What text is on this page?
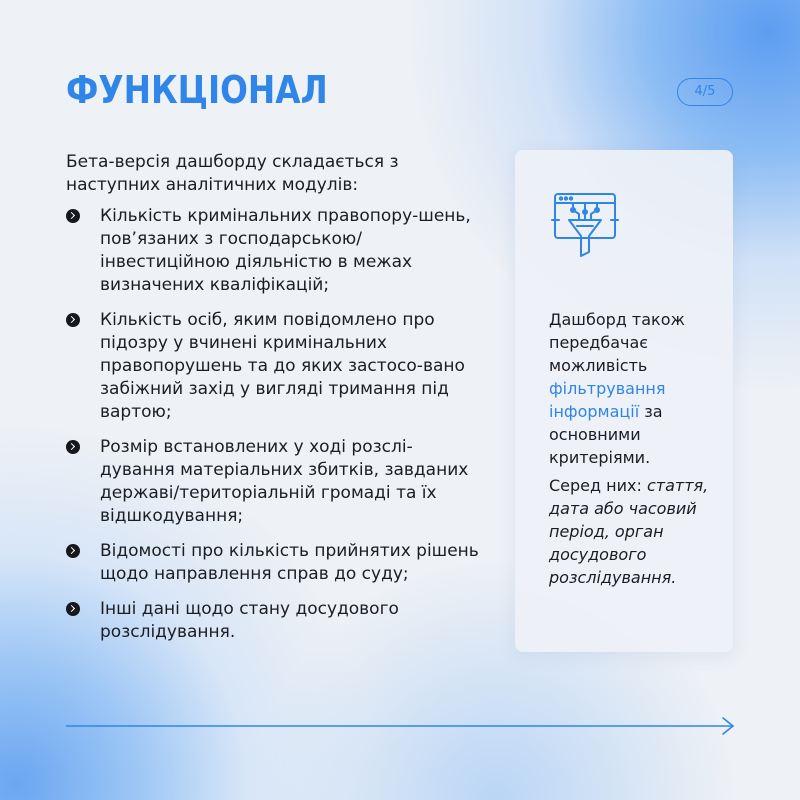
ФУНКЦІОНАЛ	4/5

Бета-версія дашборду складається з наступних аналітичних модулів:

Кількість кримінальних правопору-шень, пов’язаних з господарською/ інвестиційною діяльністю в межах визначених кваліфікацій;
Кількість осіб, яким повідомлено про підозру у вчинені кримінальних правопорушень та до яких застосо-вано забіжний захід у вигляді тримання під вартою;
Розмір встановлених у ході розслі-дування матеріальних збитків, завданих державі/територіальній громаді та їх відшкодування;
Відомості про кількість прийнятих рішень щодо направлення справ до суду;
Інші дані щодо стану досудового розслідування.

Дашборд також передбачає можливість фільтрування інформації за основними критеріями.

Серед них: стаття, дата або часовий період, орган досудового розслідування.
